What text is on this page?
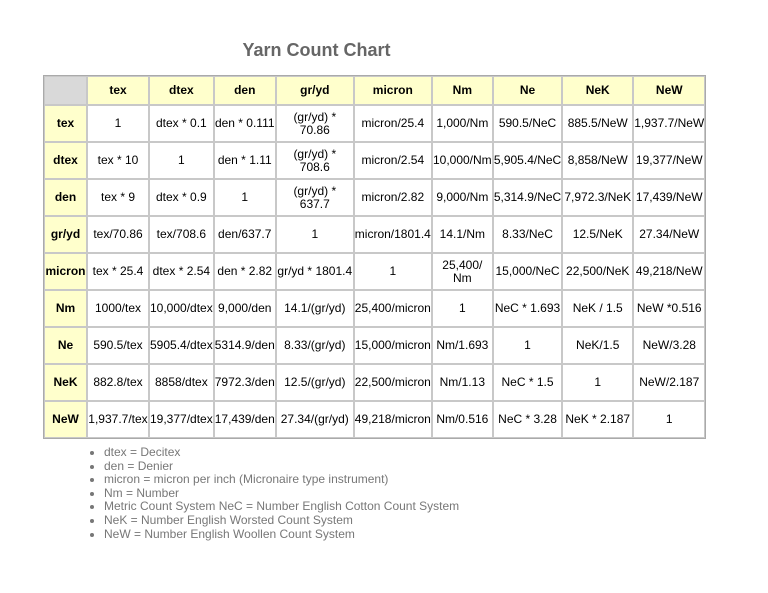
Yarn Count Chart
	tex	dtex	den	gr/yd	micron	Nm	Ne	NeK	NeW
tex	1	dtex * 0.1	den * 0.111	(gr/yd) * 70.86	micron/25.4	1,000/Nm	590.5/NeC	885.5/NeW	1,937.7/NeW
dtex	tex * 10	1	den * 1.11	(gr/yd) * 708.6	micron/2.54	10,000/Nm	5,905.4/NeC	8,858/NeW	19,377/NeW
den	tex * 9	dtex * 0.9	1	(gr/yd) * 637.7	micron/2.82	9,000/Nm	5,314.9/NeC	7,972.3/NeK	17,439/NeW
gr/yd	tex/70.86	tex/708.6	den/637.7	1	micron/1801.4	14.1/Nm	8.33/NeC	12.5/NeK	27.34/NeW
micron	tex * 25.4	dtex * 2.54	den * 2.82	gr/yd * 1801.4	1	25,400/ Nm	15,000/NeC	22,500/NeK	49,218/NeW
Nm	1000/tex	10,000/dtex	9,000/den	14.1/(gr/yd)	25,400/micron	1	NeC * 1.693	NeK / 1.5	NeW *0.516
Ne	590.5/tex	5905.4/dtex	5314.9/den	8.33/(gr/yd)	15,000/micron	Nm/1.693	1	NeK/1.5	NeW/3.28
NeK	882.8/tex	8858/dtex	7972.3/den	12.5/(gr/yd)	22,500/micron	Nm/1.13	NeC * 1.5	1	NeW/2.187
NeW	1,937.7/tex	19,377/dtex	17,439/den	27.34/(gr/yd)	49,218/micron	Nm/0.516	NeC * 3.28	NeK * 2.187	1
• dtex = Decitex
• den = Denier
• micron = micron per inch (Micronaire type instrument)
• Nm = Number
• Metric Count System NeC = Number English Cotton Count System
• NeK = Number English Worsted Count System
• NeW = Number English Woollen Count System
